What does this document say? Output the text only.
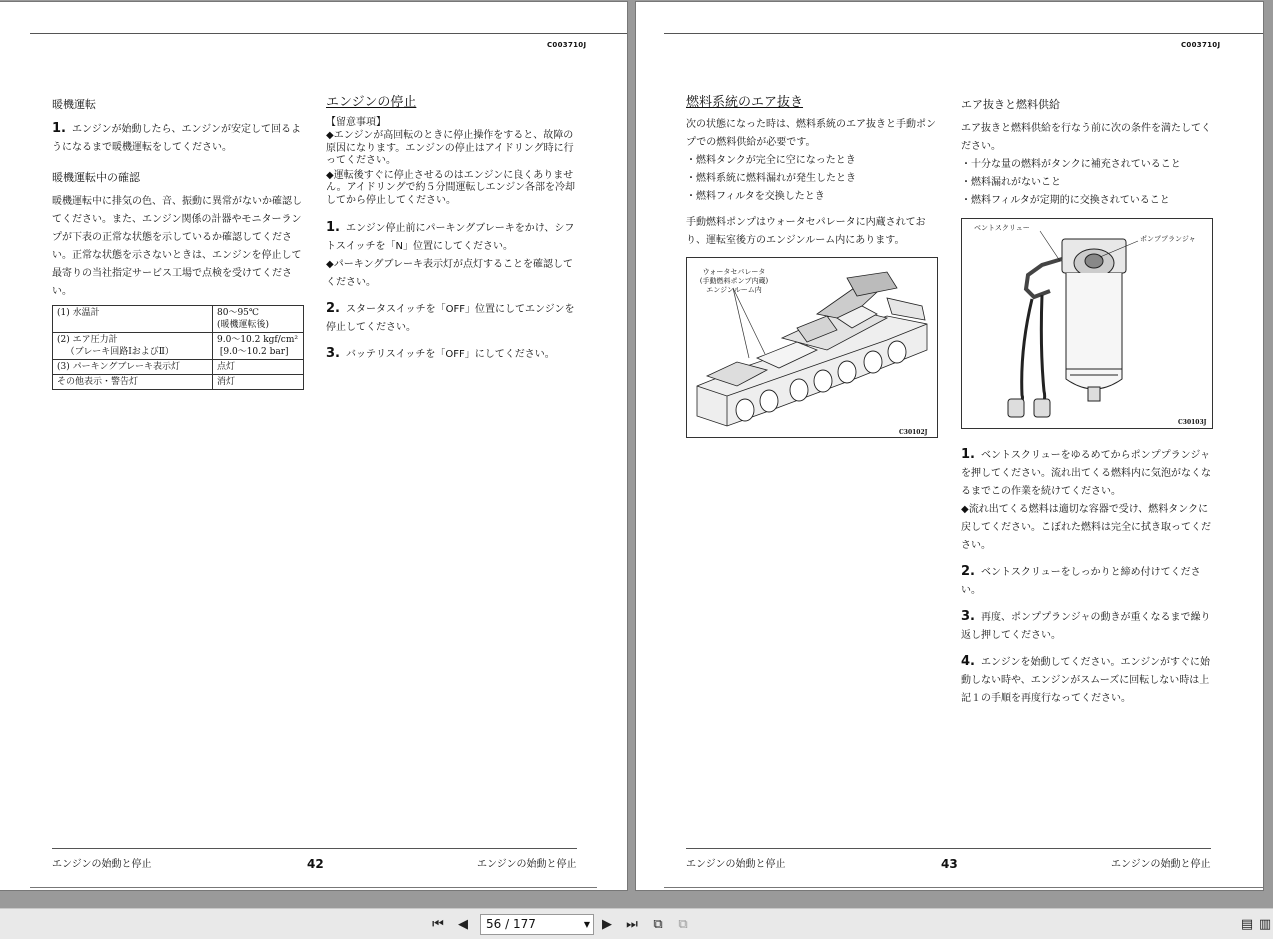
C003710J
暖機運転
1. エンジンが始動したら、エンジンが安定して回るようになるまで暖機運転をしてください。
暖機運転中の確認
暖機運転中に排気の色、音、振動に異常がないか確認してください。また、エンジン関係の計器やモニターランプが下表の正常な状態を示しているか確認してください。正常な状態を示さないときは、エンジンを停止して最寄りの当社指定サービス工場で点検を受けてください。
(1) 水温計	80〜95℃
(暖機運転後)
(2) エア圧力計
（ブレーキ回路ⅠおよびⅡ）	9.0〜10.2 kgf/cm²
[9.0〜10.2 bar]
(3) パーキングブレーキ表示灯	点灯
その他表示・警告灯	消灯
エンジンの停止
【留意事項】
◆エンジンが高回転のときに停止操作をすると、故障の原因になります。エンジンの停止はアイドリング時に行ってください。
◆運転後すぐに停止させるのはエンジンに良くありません。アイドリングで約５分間運転しエンジン各部を冷却してから停止してください。
1. エンジン停止前にパーキングブレーキをかけ、シフトスイッチを「N」位置にしてください。
◆パーキングブレーキ表示灯が点灯することを確認してください。
2. スタータスイッチを「OFF」位置にしてエンジンを停止してください。
3. バッテリスイッチを「OFF」にしてください。
エンジンの始動と停止	42	エンジンの始動と停止
C003710J
燃料系統のエア抜き
次の状態になった時は、燃料系統のエア抜きと手動ポンプでの燃料供給が必要です。
・燃料タンクが完全に空になったとき
・燃料系統に燃料漏れが発生したとき
・燃料フィルタを交換したとき
手動燃料ポンプはウォータセパレータに内蔵されており、運転室後方のエンジンルーム内にあります。
ウォータセパレータ
(手動燃料ポンプ内蔵)
エンジンルーム内
C30102J
エア抜きと燃料供給
エア抜きと燃料供給を行なう前に次の条件を満たしてください。
・十分な量の燃料がタンクに補充されていること
・燃料漏れがないこと
・燃料フィルタが定期的に交換されていること
ベントスクリュー
ポンププランジャ
C30103J
1. ベントスクリューをゆるめてからポンププランジャを押してください。流れ出てくる燃料内に気泡がなくなるまでこの作業を続けてください。
◆流れ出てくる燃料は適切な容器で受け、燃料タンクに戻してください。こぼれた燃料は完全に拭き取ってください。
2. ベントスクリューをしっかりと締め付けてください。
3. 再度、ポンププランジャの動きが重くなるまで繰り返し押してください。
4. エンジンを始動してください。エンジンがすぐに始動しない時や、エンジンがスムーズに回転しない時は上記１の手順を再度行なってください。
エンジンの始動と停止	43	エンジンの始動と停止
⏮	◀	56 / 177	▼ ▶	⏭	⧉	⧉	▤ ▥
